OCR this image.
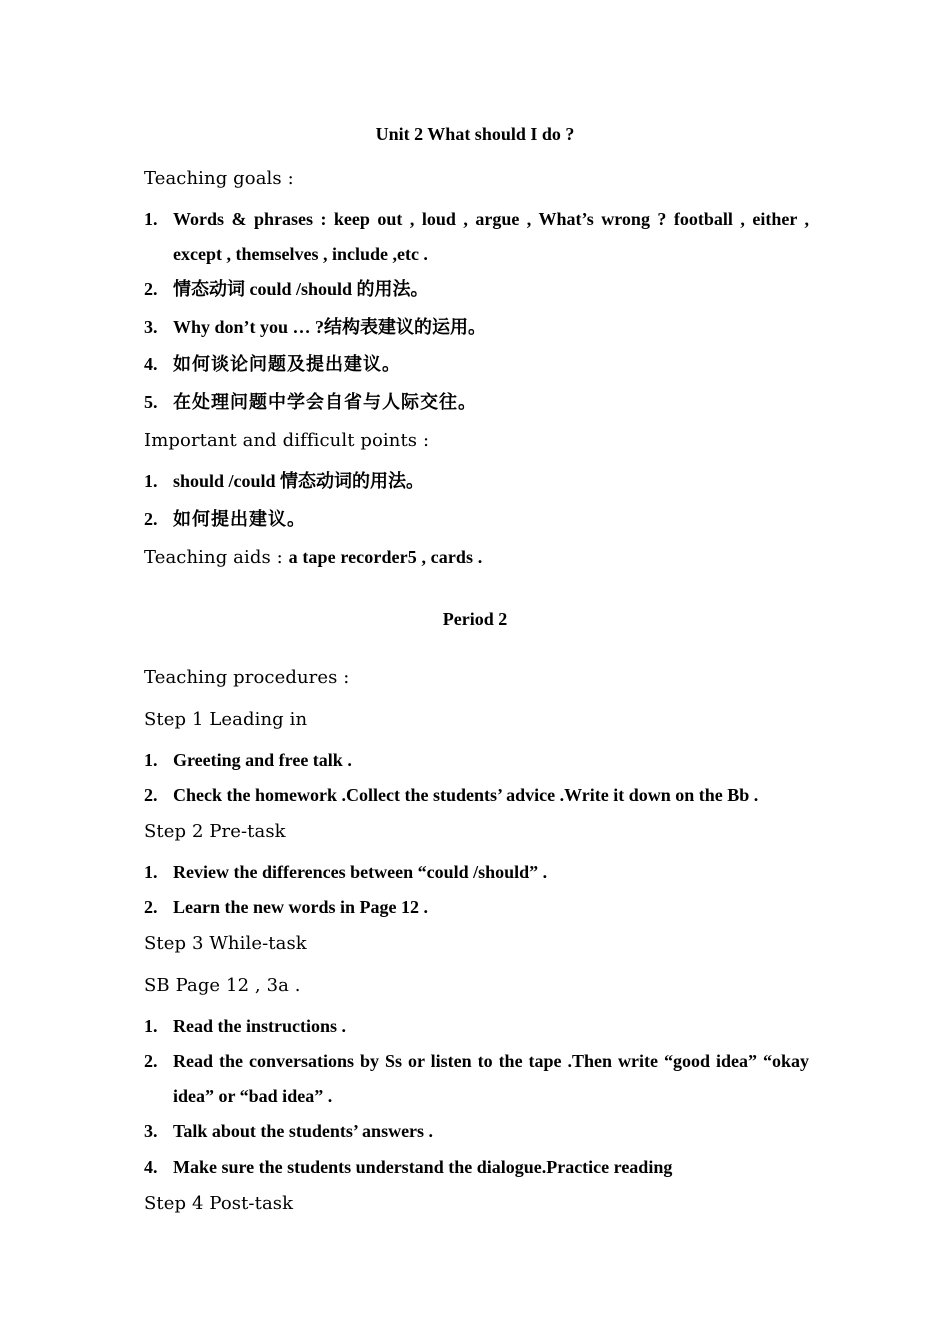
Unit 2 What should I do ?
Teaching goals :
1. Words & phrases : keep out , loud , argue , What’s wrong ? football , either , except , themselves , include ,etc .
2. 情态动词 could /should 的用法。
3. Why don’t you … ?结构表建议的运用。
4. 如何谈论问题及提出建议。
5. 在处理问题中学会自省与人际交往。
Important and difficult points :
1. should /could 情态动词的用法。
2. 如何提出建议。
Teaching aids : a tape recorder5 , cards .
Period 2
Teaching procedures :
Step 1 Leading in
1. Greeting and free talk .
2. Check the homework .Collect the students’ advice .Write it down on the Bb .
Step 2 Pre-task
1. Review the differences between “could /should” .
2. Learn the new words in Page 12 .
Step 3 While-task
SB Page 12 , 3a .
1. Read the instructions .
2. Read the conversations by Ss or listen to the tape .Then write “good idea” “okay idea” or “bad idea” .
3. Talk about the students’ answers .
4. Make sure the students understand the dialogue.Practice reading
Step 4 Post-task
